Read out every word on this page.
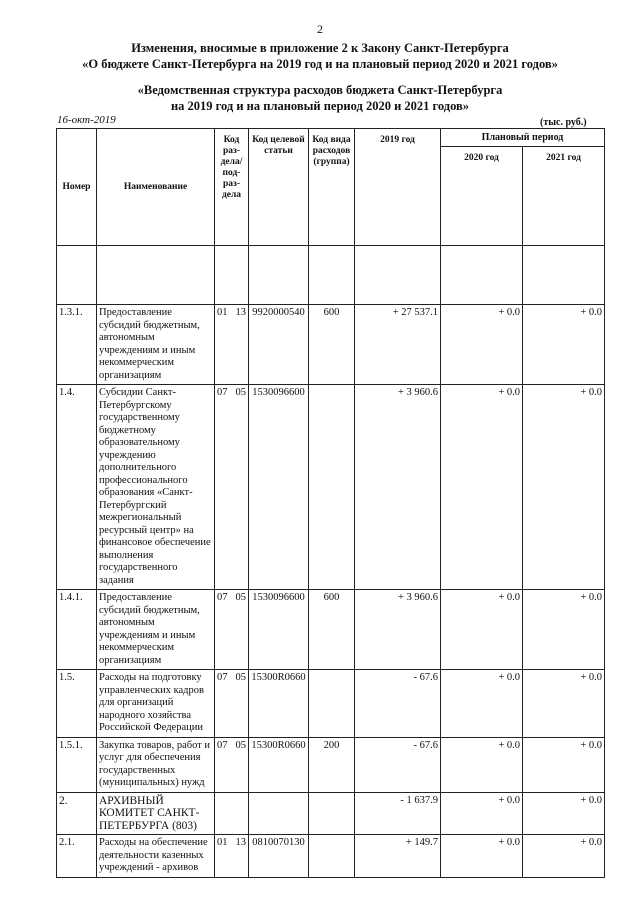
2
Изменения, вносимые в приложение 2 к Закону Санкт-Петербурга
«О бюджете Санкт-Петербурга на 2019 год и на плановый период 2020 и 2021 годов»
«Ведомственная структура расходов бюджета Санкт-Петербурга
на 2019 год и на плановый период 2020 и 2021 годов»
16-окт-2019	(тыс. руб.)
Номер	Наименование	Код раз-дела/ под-раз-дела	Код целевой статьи	Код вида расходов (группа)	2019 год	Плановый период	
						2020 год	2021 год

1.3.1.	Предоставление субсидий бюджетным, автономным учреждениям и иным некоммерческим организациям	01 13	9920000540	600	+ 27 537.1	+ 0.0	+ 0.0
1.4.	Субсидии Санкт-Петербургскому государственному бюджетному образовательному учреждению дополнительного профессионального образования «Санкт-Петербургский межрегиональный ресурсный центр» на финансовое обеспечение выполнения государственного задания	07 05	1530096600		+ 3 960.6	+ 0.0	+ 0.0
1.4.1.	Предоставление субсидий бюджетным, автономным учреждениям и иным некоммерческим организациям	07 05	1530096600	600	+ 3 960.6	+ 0.0	+ 0.0
1.5.	Расходы на подготовку управленческих кадров для организаций народного хозяйства Российской Федерации	07 05	15300R0660		- 67.6	+ 0.0	+ 0.0
1.5.1.	Закупка товаров, работ и услуг для обеспечения государственных (муниципальных) нужд	07 05	15300R0660	200	- 67.6	+ 0.0	+ 0.0
2.	АРХИВНЫЙ КОМИТЕТ САНКТ-ПЕТЕРБУРГА (803)				- 1 637.9	+ 0.0	+ 0.0
2.1.	Расходы на обеспечение деятельности казенных учреждений - архивов	01 13	0810070130		+ 149.7	+ 0.0	+ 0.0
